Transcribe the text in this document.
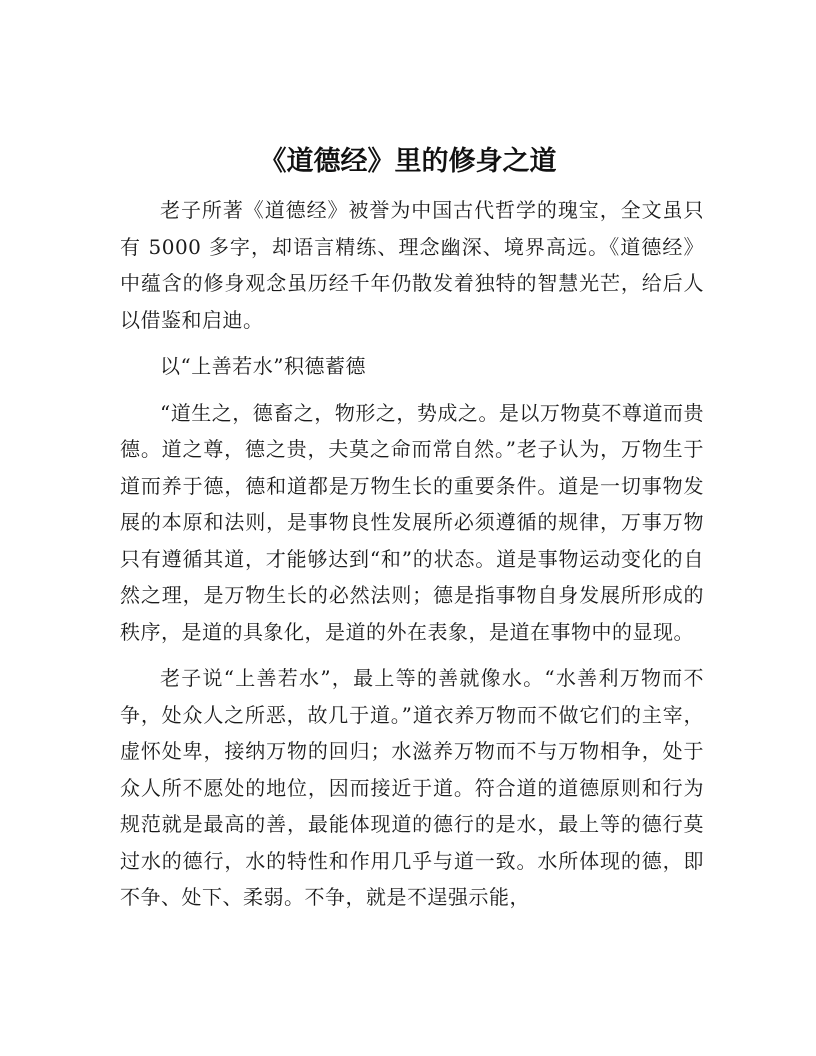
《道德经》里的修身之道

老子所著《道德经》被誉为中国古代哲学的瑰宝，全文虽只有 5000 多字，却语言精练、理念幽深、境界高远。《道德经》中蕴含的修身观念虽历经千年仍散发着独特的智慧光芒，给后人以借鉴和启迪。

以“上善若水”积德蓄德

“道生之，德畜之，物形之，势成之。是以万物莫不尊道而贵德。道之尊，德之贵，夫莫之命而常自然。”老子认为，万物生于道而养于德，德和道都是万物生长的重要条件。道是一切事物发展的本原和法则，是事物良性发展所必须遵循的规律，万事万物只有遵循其道，才能够达到“和”的状态。道是事物运动变化的自然之理，是万物生长的必然法则；德是指事物自身发展所形成的秩序，是道的具象化，是道的外在表象，是道在事物中的显现。

老子说“上善若水”，最上等的善就像水。“水善利万物而不争，处众人之所恶，故几于道。”道衣养万物而不做它们的主宰，虚怀处卑，接纳万物的回归；水滋养万物而不与万物相争，处于众人所不愿处的地位，因而接近于道。符合道的道德原则和行为规范就是最高的善，最能体现道的德行的是水，最上等的德行莫过水的德行，水的特性和作用几乎与道一致。水所体现的德，即不争、处下、柔弱。不争，就是不逞强示能，
